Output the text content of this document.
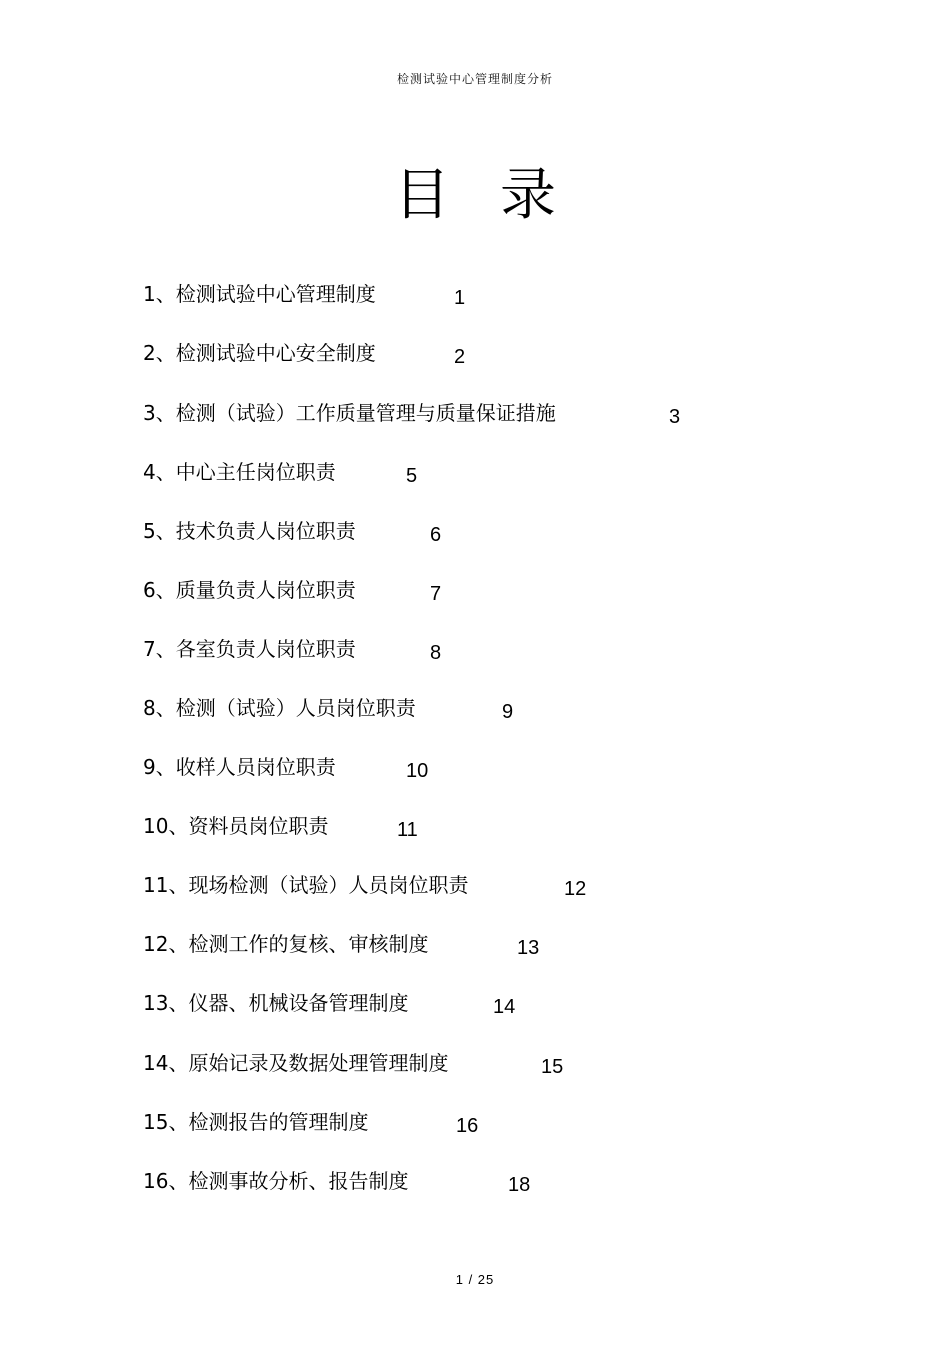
检测试验中心管理制度分析
目 录
1、检测试验中心管理制度	1
2、检测试验中心安全制度	2
3、检测（试验）工作质量管理与质量保证措施	3
4、中心主任岗位职责	5
5、技术负责人岗位职责	6
6、质量负责人岗位职责	7
7、各室负责人岗位职责	8
8、检测（试验）人员岗位职责	9
9、收样人员岗位职责	10
10、资料员岗位职责	11
11、现场检测（试验）人员岗位职责	12
12、检测工作的复核、审核制度	13
13、仪器、机械设备管理制度	14
14、原始记录及数据处理管理制度	15
15、检测报告的管理制度	16
16、检测事故分析、报告制度	18
1 / 25
